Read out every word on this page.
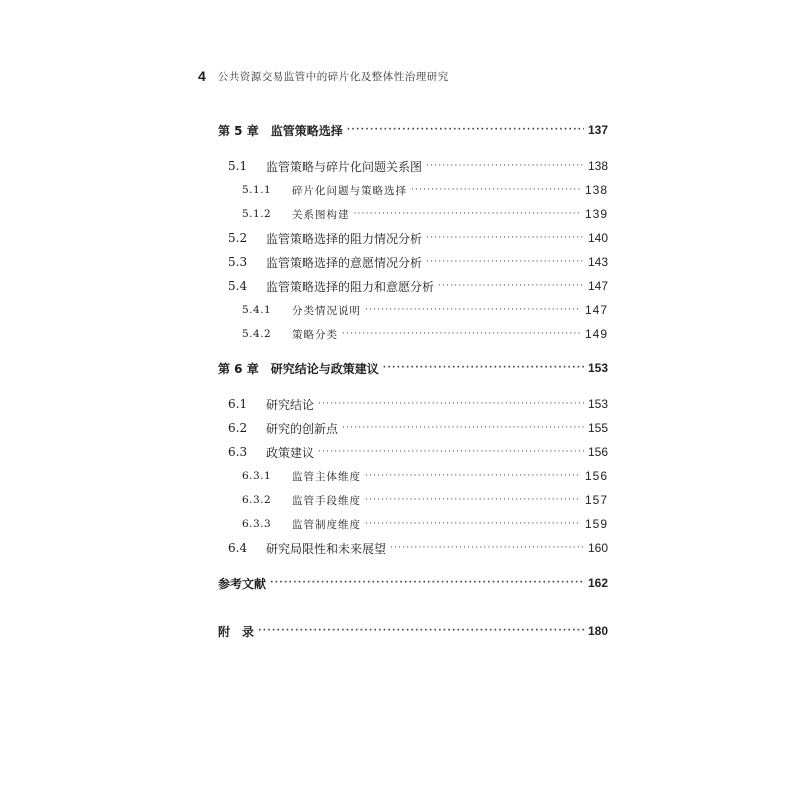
4 公共资源交易监管中的碎片化及整体性治理研究
第 5 章 监管策略选择 ·····	137
5.1	监管策略与碎片化问题关系图 ·····	138
5.1.1	碎片化问题与策略选择 ·····	138
5.1.2	关系图构建 ·····	139
5.2	监管策略选择的阻力情况分析 ·····	140
5.3	监管策略选择的意愿情况分析 ·····	143
5.4	监管策略选择的阻力和意愿分析 ·····	147
5.4.1	分类情况说明 ·····	147
5.4.2	策略分类 ·····	149
第 6 章 研究结论与政策建议 ·····	153
6.1	研究结论 ·····	153
6.2	研究的创新点 ·····	155
6.3	政策建议 ·····	156
6.3.1	监管主体维度 ·····	156
6.3.2	监管手段维度 ·····	157
6.3.3	监管制度维度 ·····	159
6.4	研究局限性和未来展望 ·····	160
参考文献 ·····	162
附　录 ·····	180
